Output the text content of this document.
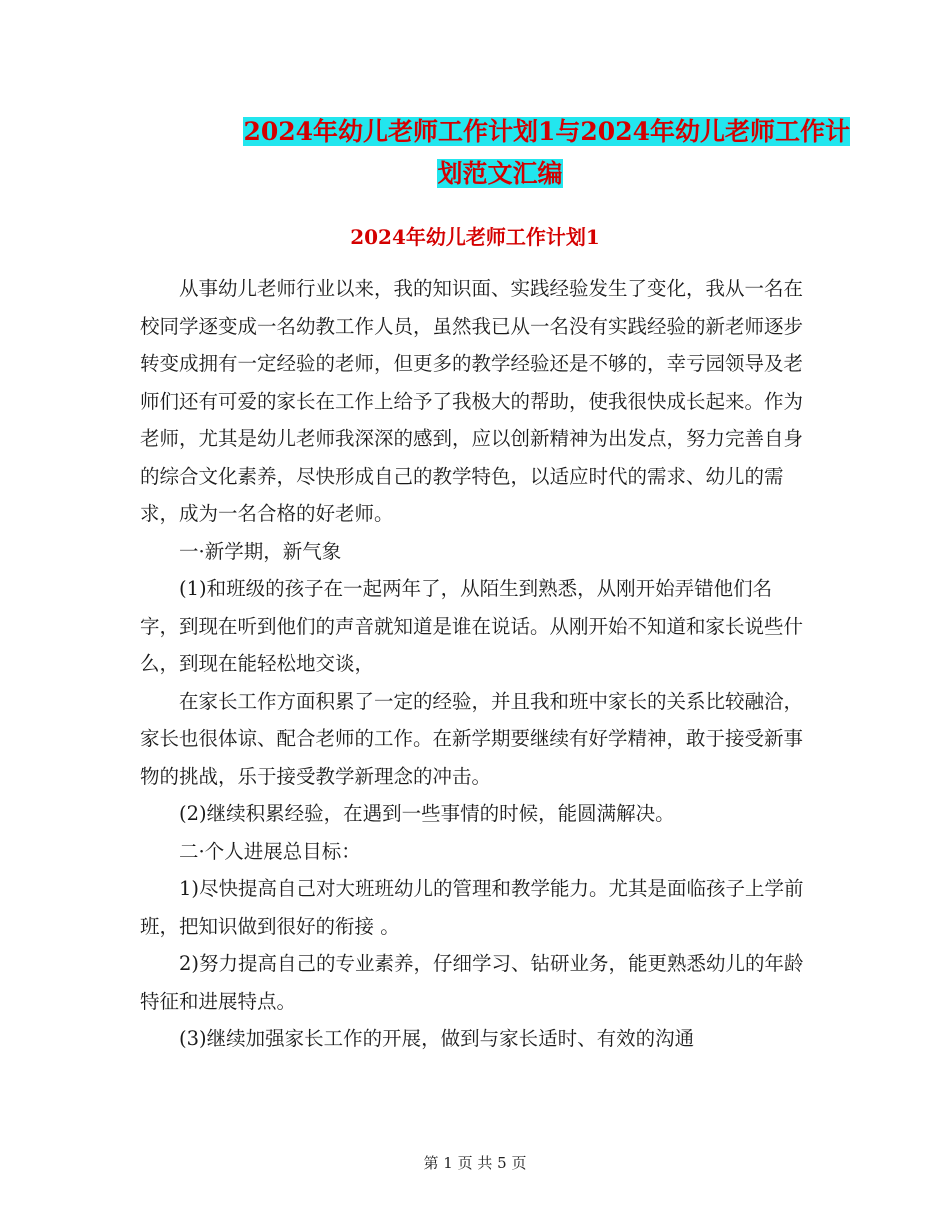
2024年幼儿老师工作计划1与2024年幼儿老师工作计
划范文汇编
2024年幼儿老师工作计划1

从事幼儿老师行业以来，我的知识面、实践经验发生了变化，我从一名在校同学逐变成一名幼教工作人员，虽然我已从一名没有实践经验的新老师逐步转变成拥有一定经验的老师，但更多的教学经验还是不够的，幸亏园领导及老师们还有可爱的家长在工作上给予了我极大的帮助，使我很快成长起来。作为老师，尤其是幼儿老师我深深的感到，应以创新精神为出发点，努力完善自身的综合文化素养，尽快形成自己的教学特色，以适应时代的需求、幼儿的需求，成为一名合格的好老师。

一·新学期，新气象

(1)和班级的孩子在一起两年了，从陌生到熟悉，从刚开始弄错他们名字，到现在听到他们的声音就知道是谁在说话。从刚开始不知道和家长说些什么，到现在能轻松地交谈，

在家长工作方面积累了一定的经验，并且我和班中家长的关系比较融洽，家长也很体谅、配合老师的工作。在新学期要继续有好学精神，敢于接受新事物的挑战，乐于接受教学新理念的冲击。

(2)继续积累经验，在遇到一些事情的时候，能圆满解决。

二·个人进展总目标：

1)尽快提高自己对大班班幼儿的管理和教学能力。尤其是面临孩子上学前班，把知识做到很好的衔接 。

2)努力提高自己的专业素养，仔细学习、钻研业务，能更熟悉幼儿的年龄特征和进展特点。

(3)继续加强家长工作的开展，做到与家长适时、有效的沟通

第 1 页 共 5 页
